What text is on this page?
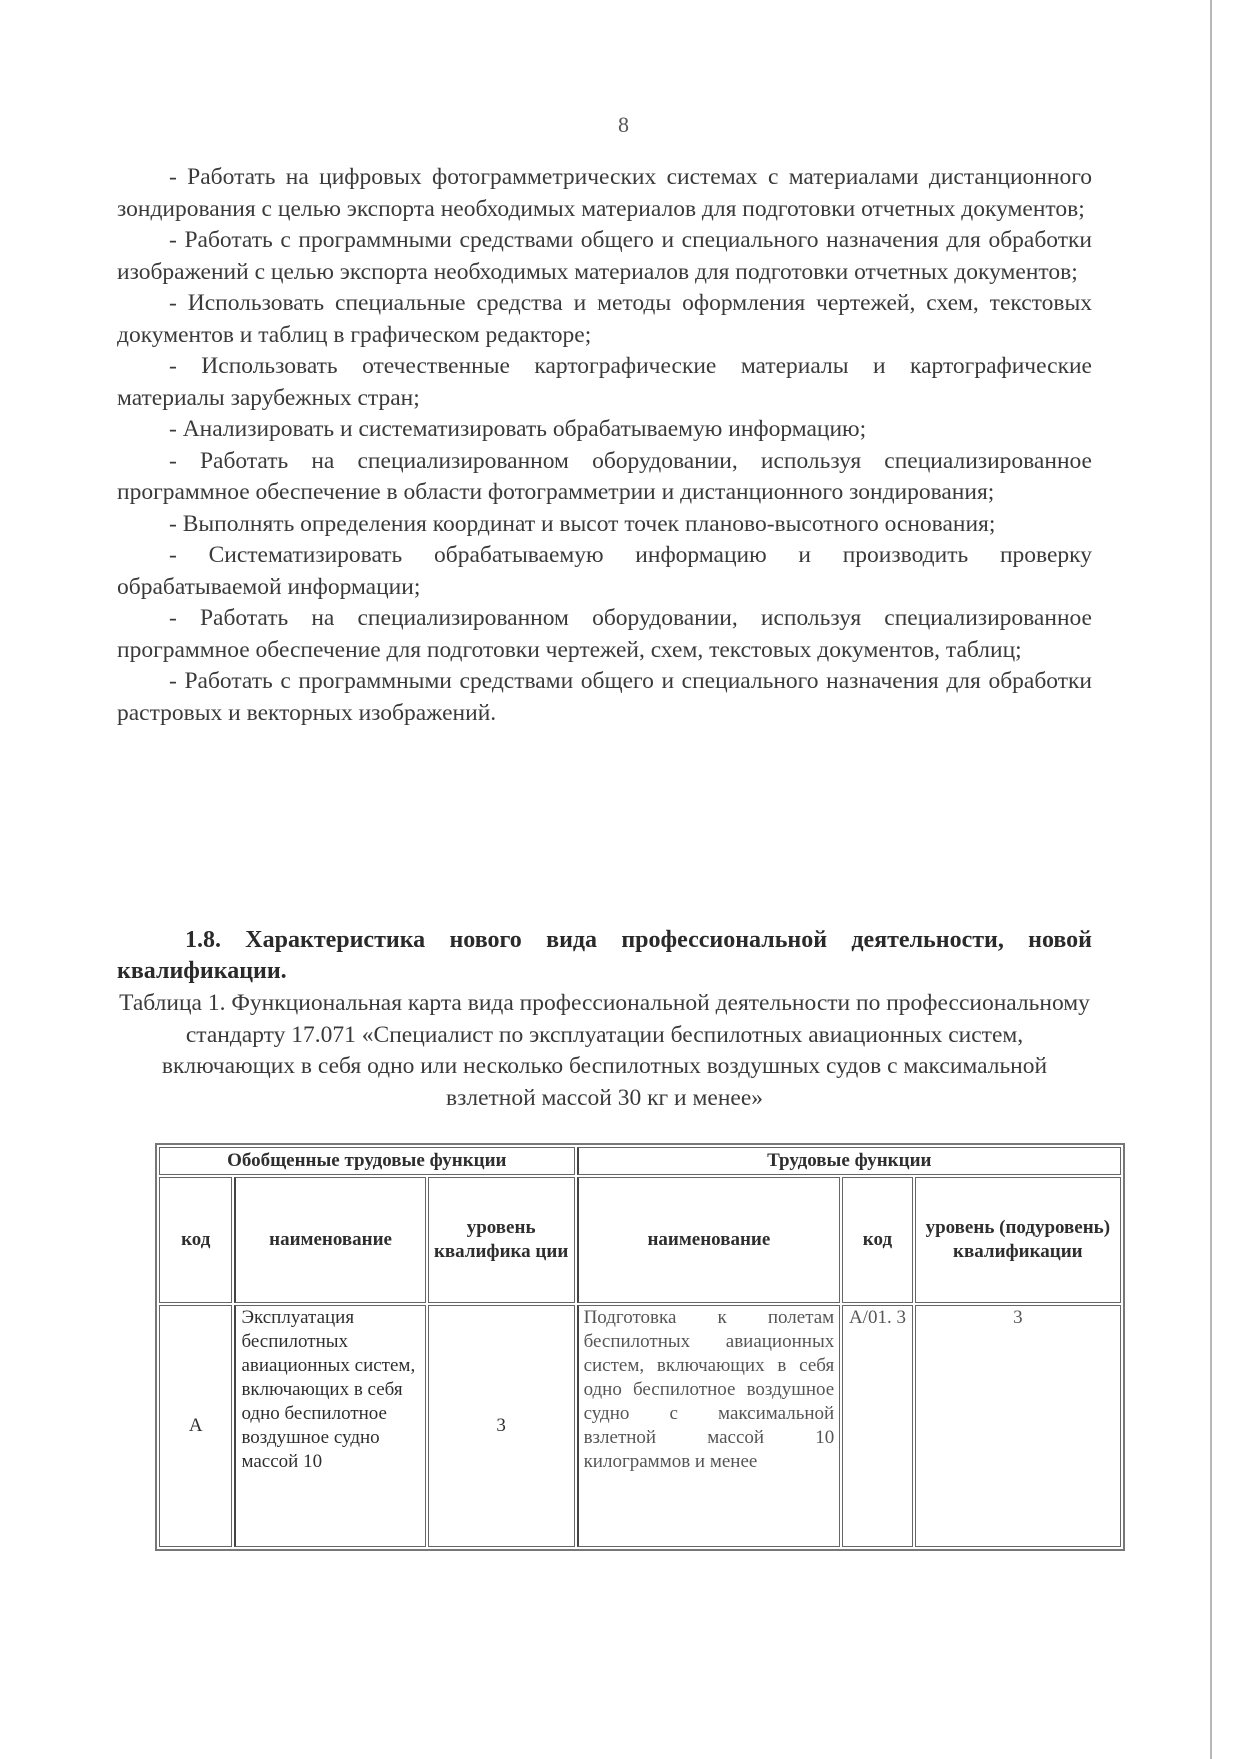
8

- Работать на цифровых фотограмметрических системах с материалами дистанционного зондирования с целью экспорта необходимых материалов для подготовки отчетных документов;

- Работать с программными средствами общего и специального назначения для обработки изображений с целью экспорта необходимых материалов для подготовки отчетных документов;

- Использовать специальные средства и методы оформления чертежей, схем, текстовых документов и таблиц в графическом редакторе;

- Использовать отечественные картографические материалы и картографические материалы зарубежных стран;

- Анализировать и систематизировать обрабатываемую информацию;

- Работать на специализированном оборудовании, используя специализированное программное обеспечение в области фотограмметрии и дистанционного зондирования;

- Выполнять определения координат и высот точек планово-высотного основания;

- Систематизировать обрабатываемую информацию и производить проверку обрабатываемой информации;

- Работать на специализированном оборудовании, используя специализированное программное обеспечение для подготовки чертежей, схем, текстовых документов, таблиц;

- Работать с программными средствами общего и специального назначения для обработки растровых и векторных изображений.

1.8. Характеристика нового вида профессиональной деятельности, новой квалификации.

Таблица 1. Функциональная карта вида профессиональной деятельности по профессиональному стандарту 17.071 «Специалист по эксплуатации беспилотных авиационных систем, включающих в себя одно или несколько беспилотных воздушных судов с максимальной взлетной массой 30 кг и менее»

Обобщенные трудовые функции			Трудовые функции		
код	наименование	уровень квалифика ции	наименование	код	уровень (подуровень) квалификации
А	Эксплуатация беспилотных авиационных систем, включающих в себя одно беспилотное воздушное судно массой 10	3	Подготовка к полетам беспилотных авиационных систем, включающих в себя одно беспилотное воздушное судно с максимальной взлетной массой 10 килограммов и менее	A/01. 3	3
